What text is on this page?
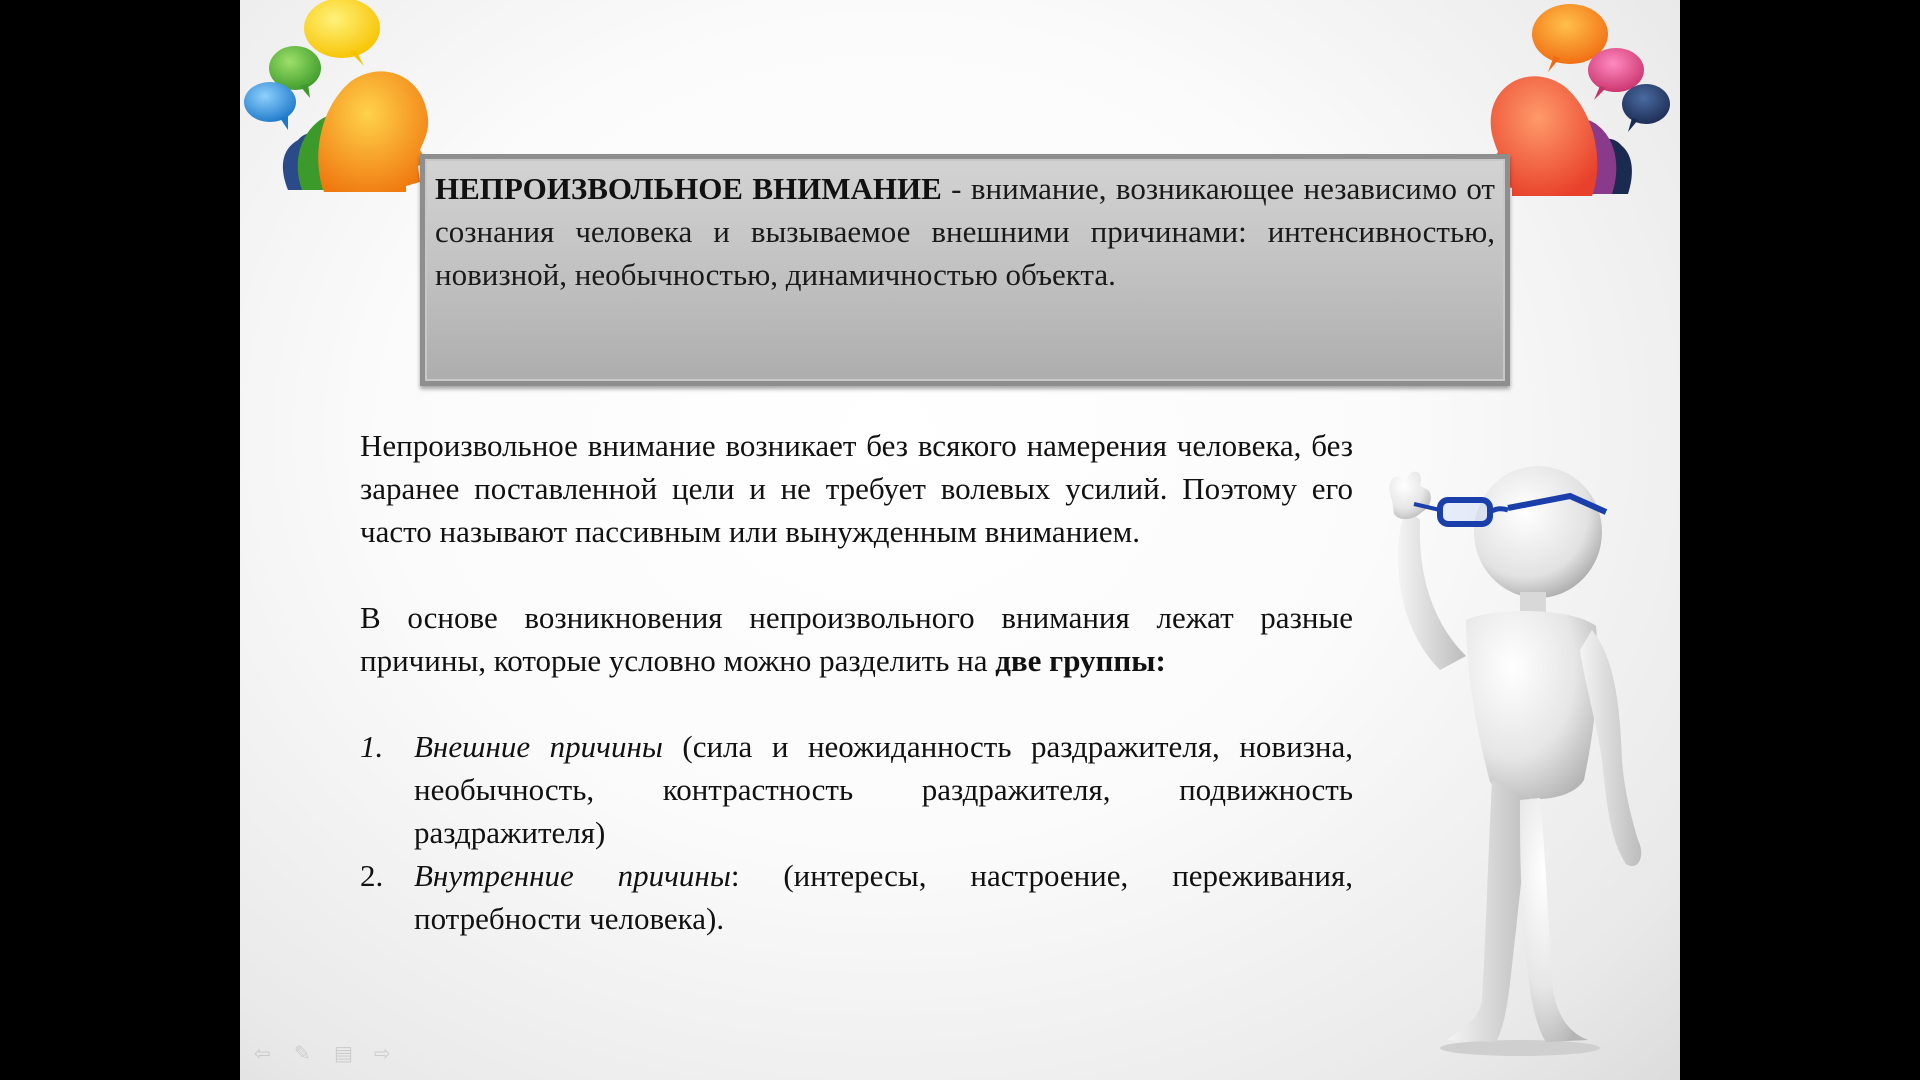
НЕПРОИЗВОЛЬНОЕ ВНИМАНИЕ - внимание, возникающее независимо от сознания человека и вызываемое внешними причинами: интенсивностью, новизной, необычностью, динамичностью объекта.

Непроизвольное внимание возникает без всякого намерения человека, без заранее поставленной цели и не требует волевых усилий. Поэтому его часто называют пассивным или вынужденным вниманием.

В основе возникновения непроизвольного внимания лежат разные причины, которые условно можно разделить на две группы:

1. Внешние причины (сила и неожиданность раздражителя, новизна, необычность, контрастность раздражителя, подвижность раздражителя)
2. Внутренние причины: (интересы, настроение, переживания, потребности человека).
⇦ ✎ ▤ ⇨
